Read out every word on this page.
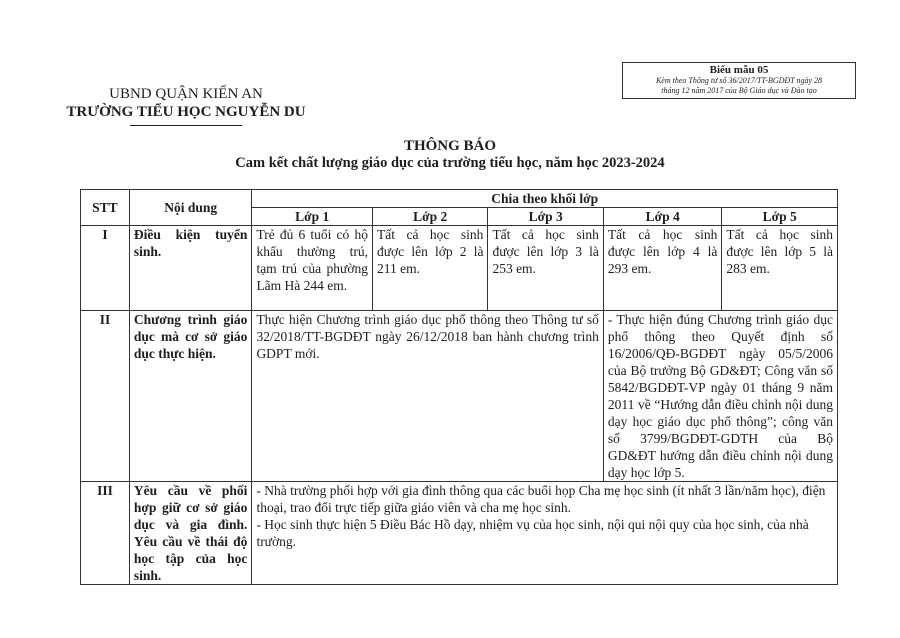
UBND QUẬN KIẾN AN
TRƯỜNG TIỂU HỌC NGUYỄN DU
Biểu mẫu 05
Kèm theo Thông tư số 36/2017/TT-BGDĐT ngày 28
tháng 12 năm 2017 của Bộ Giáo dục và Đào tạo
THÔNG BÁO
Cam kết chất lượng giáo dục của trường tiểu học, năm học 2023-2024
STT	Nội dung	Chia theo khối lớp				
		Lớp 1	Lớp 2	Lớp 3	Lớp 4	Lớp 5
I	Điều kiện tuyển sinh.	Trẻ đủ 6 tuổi có hộ khẩu thường trú, tạm trú của phường Lãm Hà 244 em.	Tất cả học sinh được lên lớp 2 là 211 em.	Tất cả học sinh được lên lớp 3 là 253 em.	Tất cả học sinh được lên lớp 4 là 293 em.	Tất cả học sinh được lên lớp 5 là 283 em.
II	Chương trình giáo dục mà cơ sở giáo dục thực hiện.	Thực hiện Chương trình giáo dục phổ thông theo Thông tư số 32/2018/TT-BGDĐT ngày 26/12/2018 ban hành chương trình GDPT mới.			- Thực hiện đúng Chương trình giáo dục phổ thông theo Quyết định số 16/2006/QĐ-BGDĐT ngày 05/5/2006 của Bộ trưởng Bộ GD&ĐT; Công văn số 5842/BGDĐT-VP ngày 01 tháng 9 năm 2011 về “Hướng dẫn điều chỉnh nội dung dạy học giáo dục phổ thông”; công văn số 3799/BGDĐT-GDTH của Bộ GD&ĐT hướng dẫn điều chỉnh nội dung dạy học lớp 5.	
III	Yêu cầu về phối hợp giữ cơ sở giáo dục và gia đình. Yêu cầu về thái độ học tập của học sinh.	- Nhà trường phối hợp với gia đình thông qua các buổi họp Cha mẹ học sinh (ít nhất 3 lần/năm học), điện thoại, trao đổi trực tiếp giữa giáo viên và cha mẹ học sinh.
- Học sinh thực hiện 5 Điều Bác Hồ dạy, nhiệm vụ của học sinh, nội qui nội quy của học sinh, của nhà trường.				
